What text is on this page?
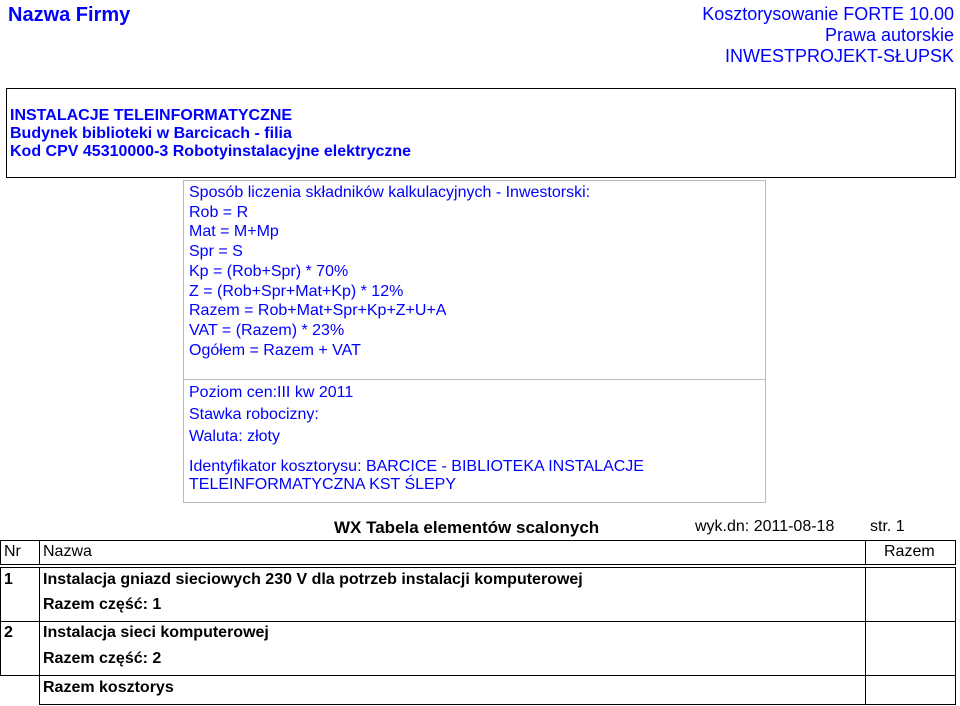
Nazwa Firmy	Kosztorysowanie FORTE 10.00
Prawa autorskie
INWESTPROJEKT-SŁUPSK
INSTALACJE TELEINFORMATYCZNE
Budynek biblioteki w Barcicach - filia
Kod CPV 45310000-3 Robotyinstalacyjne elektryczne
Sposób liczenia składników kalkulacyjnych - Inwestorski:
Rob = R
Mat = M+Mp
Spr = S
Kp = (Rob+Spr) * 70%
Z = (Rob+Spr+Mat+Kp) * 12%
Razem = Rob+Mat+Spr+Kp+Z+U+A
VAT = (Razem) * 23%
Ogółem = Razem + VAT
Poziom cen:III kw 2011
Stawka robocizny:
Waluta: złoty
Identyfikator kosztorysu: BARCICE - BIBLIOTEKA INSTALACJE
TELEINFORMATYCZNA KST ŚLEPY
WX Tabela elementów scalonych	wyk.dn: 2011-08-18 str. 1
Nr Nazwa	Razem
1 Instalacja gniazd sieciowych 230 V dla potrzeb instalacji komputerowej
Razem część: 1
2 Instalacja sieci komputerowej
Razem część: 2
Razem kosztorys
